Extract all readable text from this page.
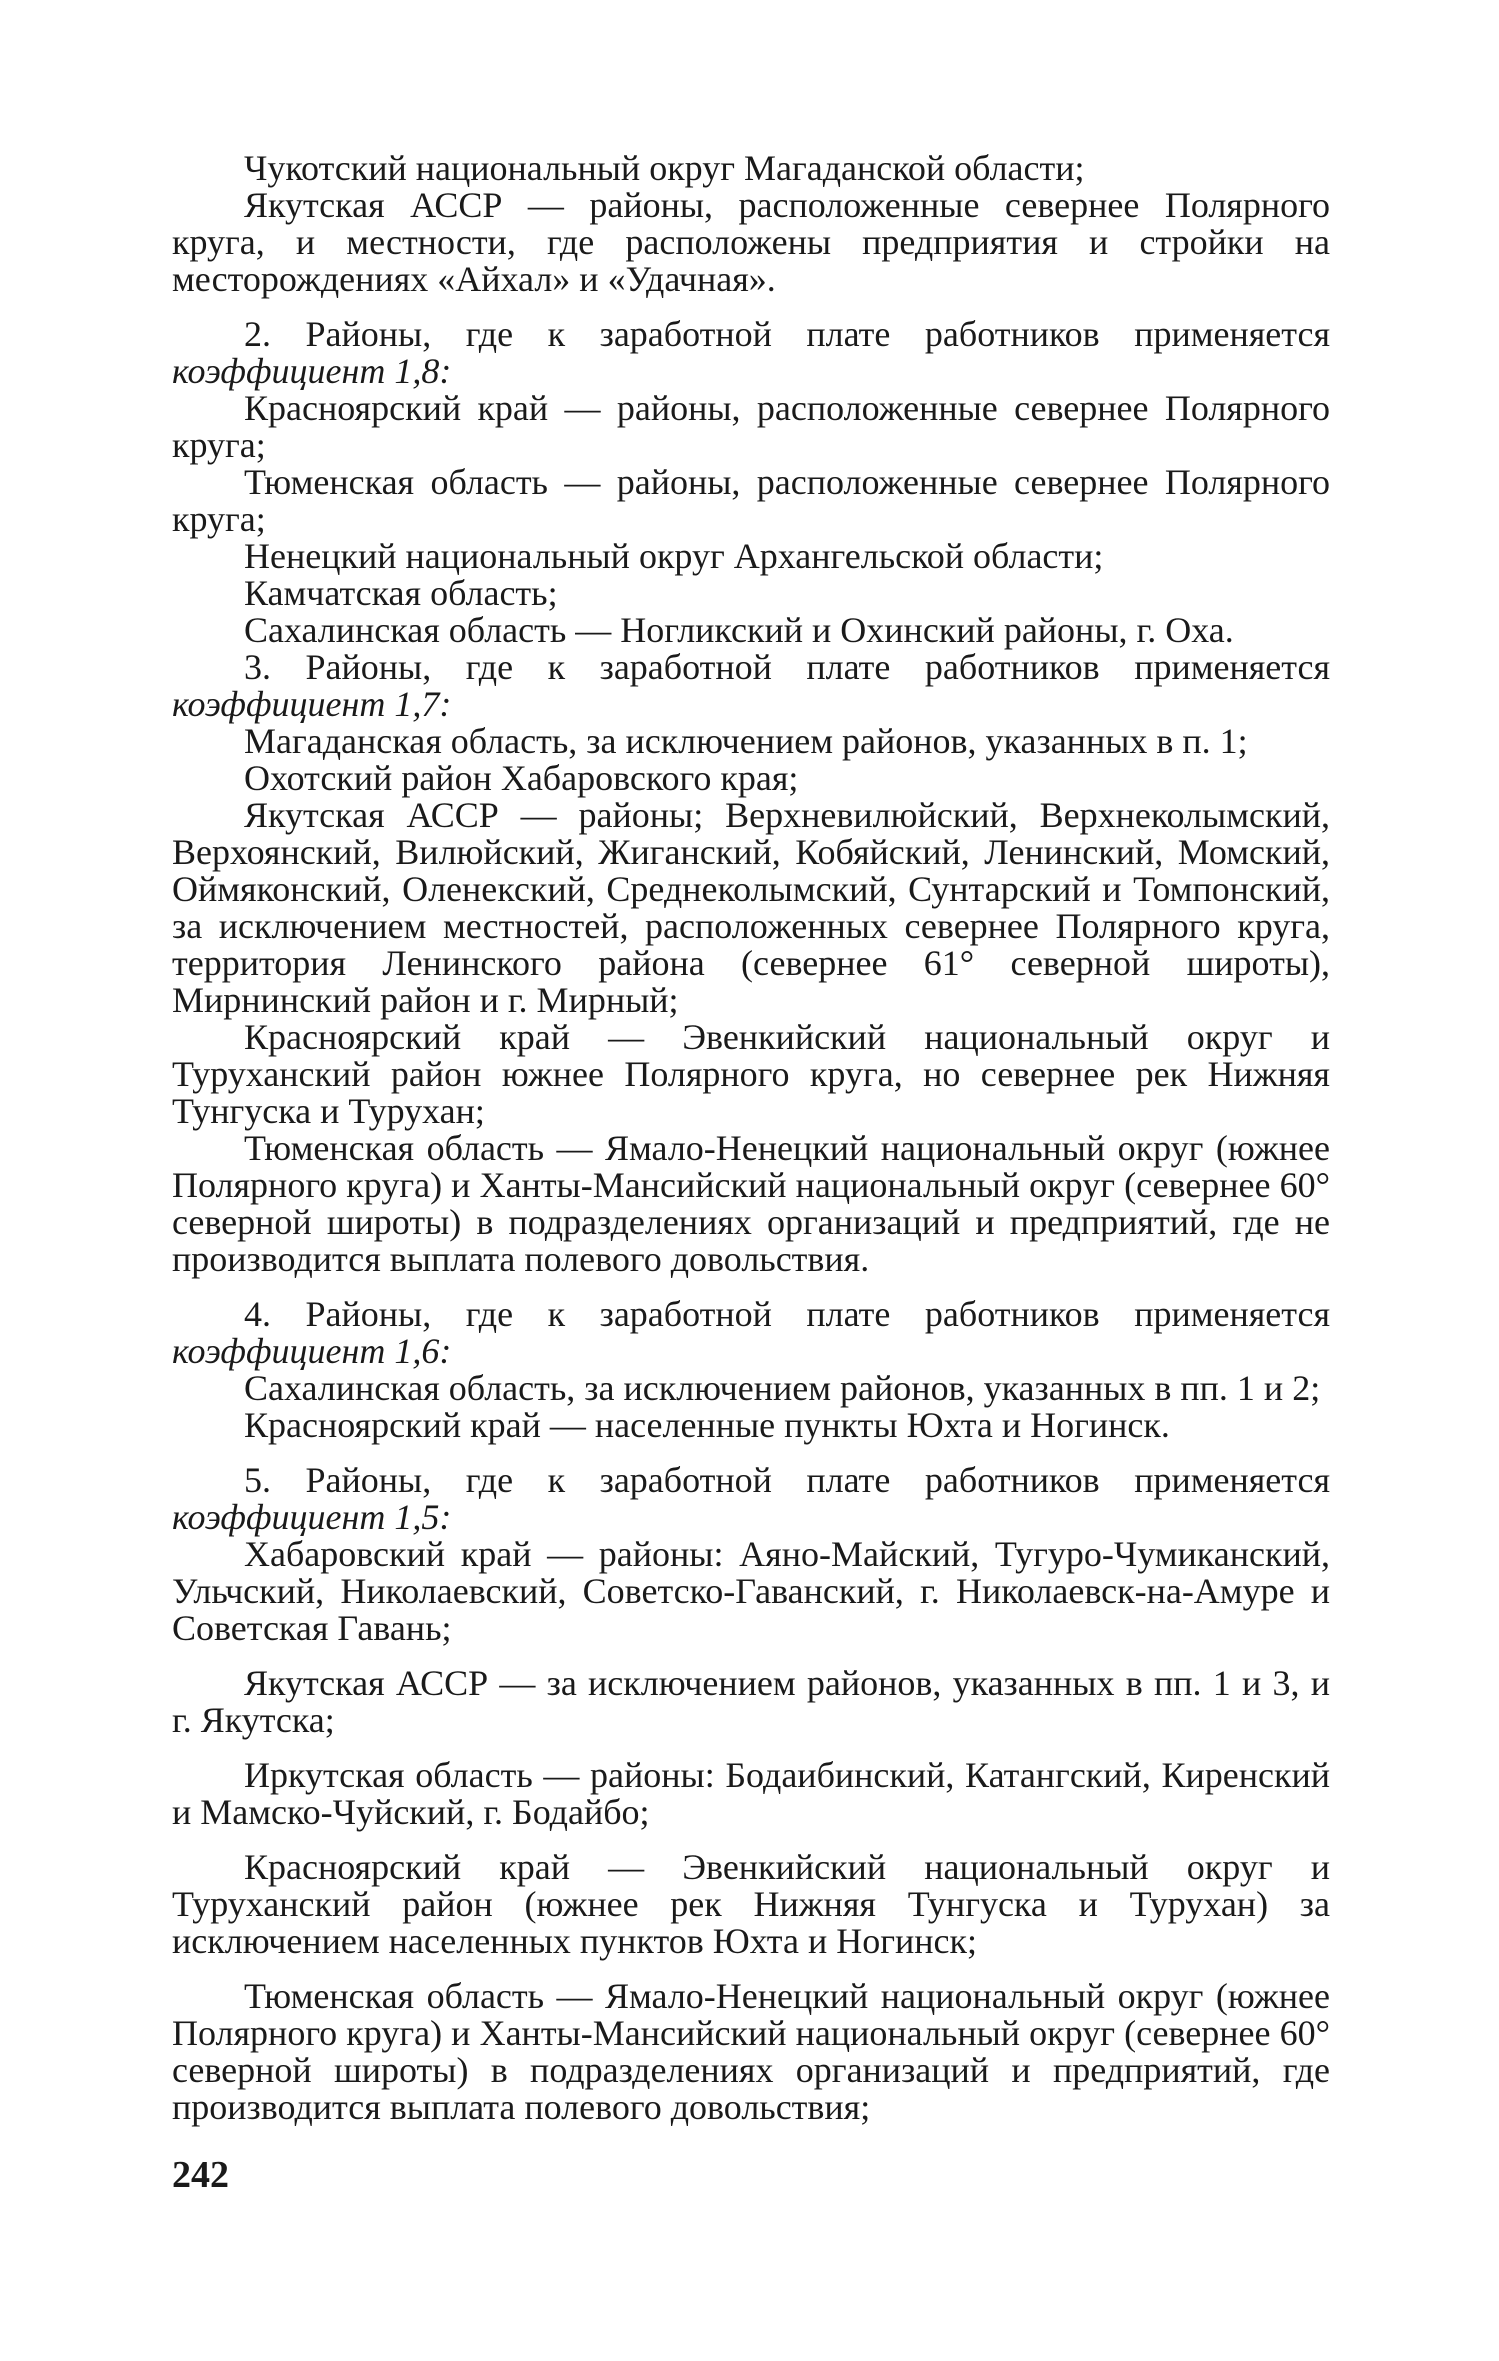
Чукотский национальный округ Магаданской области;

Якутская АССР — районы, расположенные севернее Полярного круга, и местности, где расположены предприятия и стройки на месторождениях «Айхал» и «Удачная».

2. Районы, где к заработной плате работников применяется коэффициент 1,8:

Красноярский край — районы, расположенные севернее Полярного круга;

Тюменская область — районы, расположенные севернее Полярного круга;

Ненецкий национальный округ Архангельской области;

Камчатская область;

Сахалинская область — Ногликский и Охинский районы, г. Оха.

3. Районы, где к заработной плате работников применяется коэффициент 1,7:

Магаданская область, за исключением районов, указанных в п. 1;

Охотский район Хабаровского края;

Якутская АССР — районы; Верхневилюйский, Верхнеколымский, Верхоянский, Вилюйский, Жиганский, Кобяйский, Ленинский, Момский, Оймяконский, Оленекский, Среднеколымский, Сунтарский и Томпонский, за исключением местностей, расположенных севернее Полярного круга, территория Ленинского района (севернее 61° северной широты), Мирнинский район и г. Мирный;

Красноярский край — Эвенкийский национальный округ и Туруханский район южнее Полярного круга, но севернее рек Нижняя Тунгуска и Турухан;

Тюменская область — Ямало-Ненецкий национальный округ (южнее Полярного круга) и Ханты-Мансийский национальный округ (севернее 60° северной широты) в подразделениях организаций и предприятий, где не производится выплата полевого довольствия.

4. Районы, где к заработной плате работников применяется коэффициент 1,6:

Сахалинская область, за исключением районов, указанных в пп. 1 и 2;

Красноярский край — населенные пункты Юхта и Ногинск.

5. Районы, где к заработной плате работников применяется коэффициент 1,5:

Хабаровский край — районы: Аяно-Майский, Тугуро-Чумиканский, Ульчский, Николаевский, Советско-Гаванский, г. Николаевск-на-Амуре и Советская Гавань;

Якутская АССР — за исключением районов, указанных в пп. 1 и 3, и г. Якутска;

Иркутская область — районы: Бодаибинский, Катангский, Киренский и Мамско-Чуйский, г. Бодайбо;

Красноярский край — Эвенкийский национальный округ и Туруханский район (южнее рек Нижняя Тунгуска и Турухан) за исключением населенных пунктов Юхта и Ногинск;

Тюменская область — Ямало-Ненецкий национальный округ (южнее Полярного круга) и Ханты-Мансийский национальный округ (севернее 60° северной широты) в подразделениях организаций и предприятий, где производится выплата полевого довольствия;

242
